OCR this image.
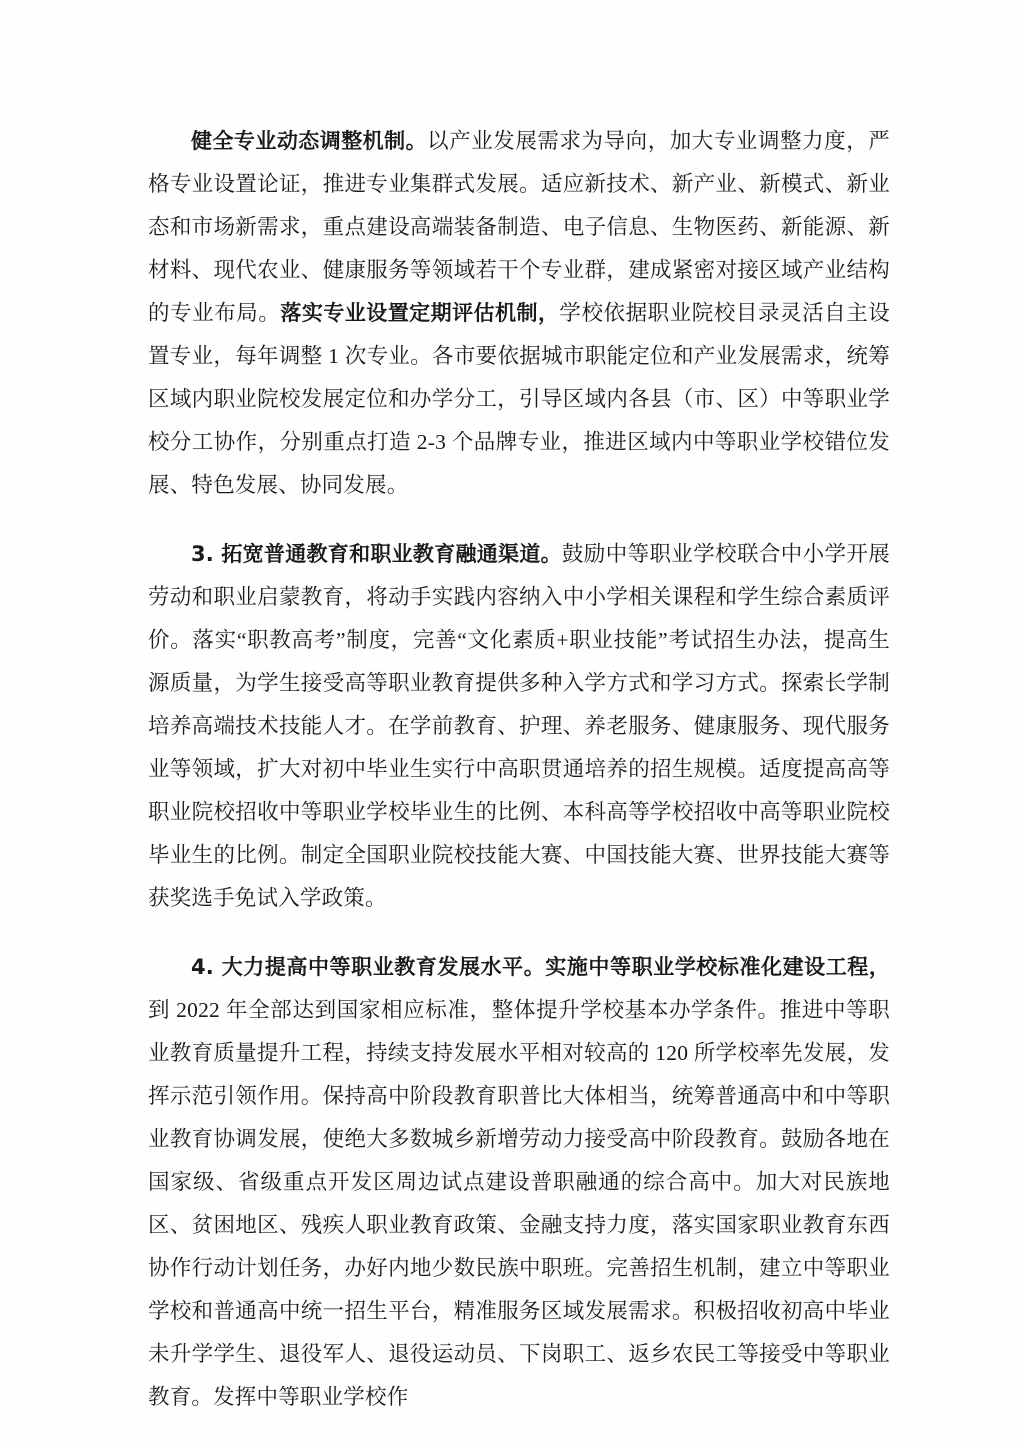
健全专业动态调整机制。以产业发展需求为导向，加大专业调整力度，严格专业设置论证，推进专业集群式发展。适应新技术、新产业、新模式、新业态和市场新需求，重点建设高端装备制造、电子信息、生物医药、新能源、新材料、现代农业、健康服务等领域若干个专业群，建成紧密对接区域产业结构的专业布局。落实专业设置定期评估机制，学校依据职业院校目录灵活自主设置专业，每年调整 1 次专业。各市要依据城市职能定位和产业发展需求，统筹区域内职业院校发展定位和办学分工，引导区域内各县（市、区）中等职业学校分工协作，分别重点打造 2-3 个品牌专业，推进区域内中等职业学校错位发展、特色发展、协同发展。

3. 拓宽普通教育和职业教育融通渠道。鼓励中等职业学校联合中小学开展劳动和职业启蒙教育，将动手实践内容纳入中小学相关课程和学生综合素质评价。落实“职教高考”制度，完善“文化素质+职业技能”考试招生办法，提高生源质量，为学生接受高等职业教育提供多种入学方式和学习方式。探索长学制培养高端技术技能人才。在学前教育、护理、养老服务、健康服务、现代服务业等领域，扩大对初中毕业生实行中高职贯通培养的招生规模。适度提高高等职业院校招收中等职业学校毕业生的比例、本科高等学校招收中高等职业院校毕业生的比例。制定全国职业院校技能大赛、中国技能大赛、世界技能大赛等获奖选手免试入学政策。

4. 大力提高中等职业教育发展水平。实施中等职业学校标准化建设工程，到 2022 年全部达到国家相应标准，整体提升学校基本办学条件。推进中等职业教育质量提升工程，持续支持发展水平相对较高的 120 所学校率先发展，发挥示范引领作用。保持高中阶段教育职普比大体相当，统筹普通高中和中等职业教育协调发展，使绝大多数城乡新增劳动力接受高中阶段教育。鼓励各地在国家级、省级重点开发区周边试点建设普职融通的综合高中。加大对民族地区、贫困地区、残疾人职业教育政策、金融支持力度，落实国家职业教育东西协作行动计划任务，办好内地少数民族中职班。完善招生机制，建立中等职业学校和普通高中统一招生平台，精准服务区域发展需求。积极招收初高中毕业未升学学生、退役军人、退役运动员、下岗职工、返乡农民工等接受中等职业教育。发挥中等职业学校作
